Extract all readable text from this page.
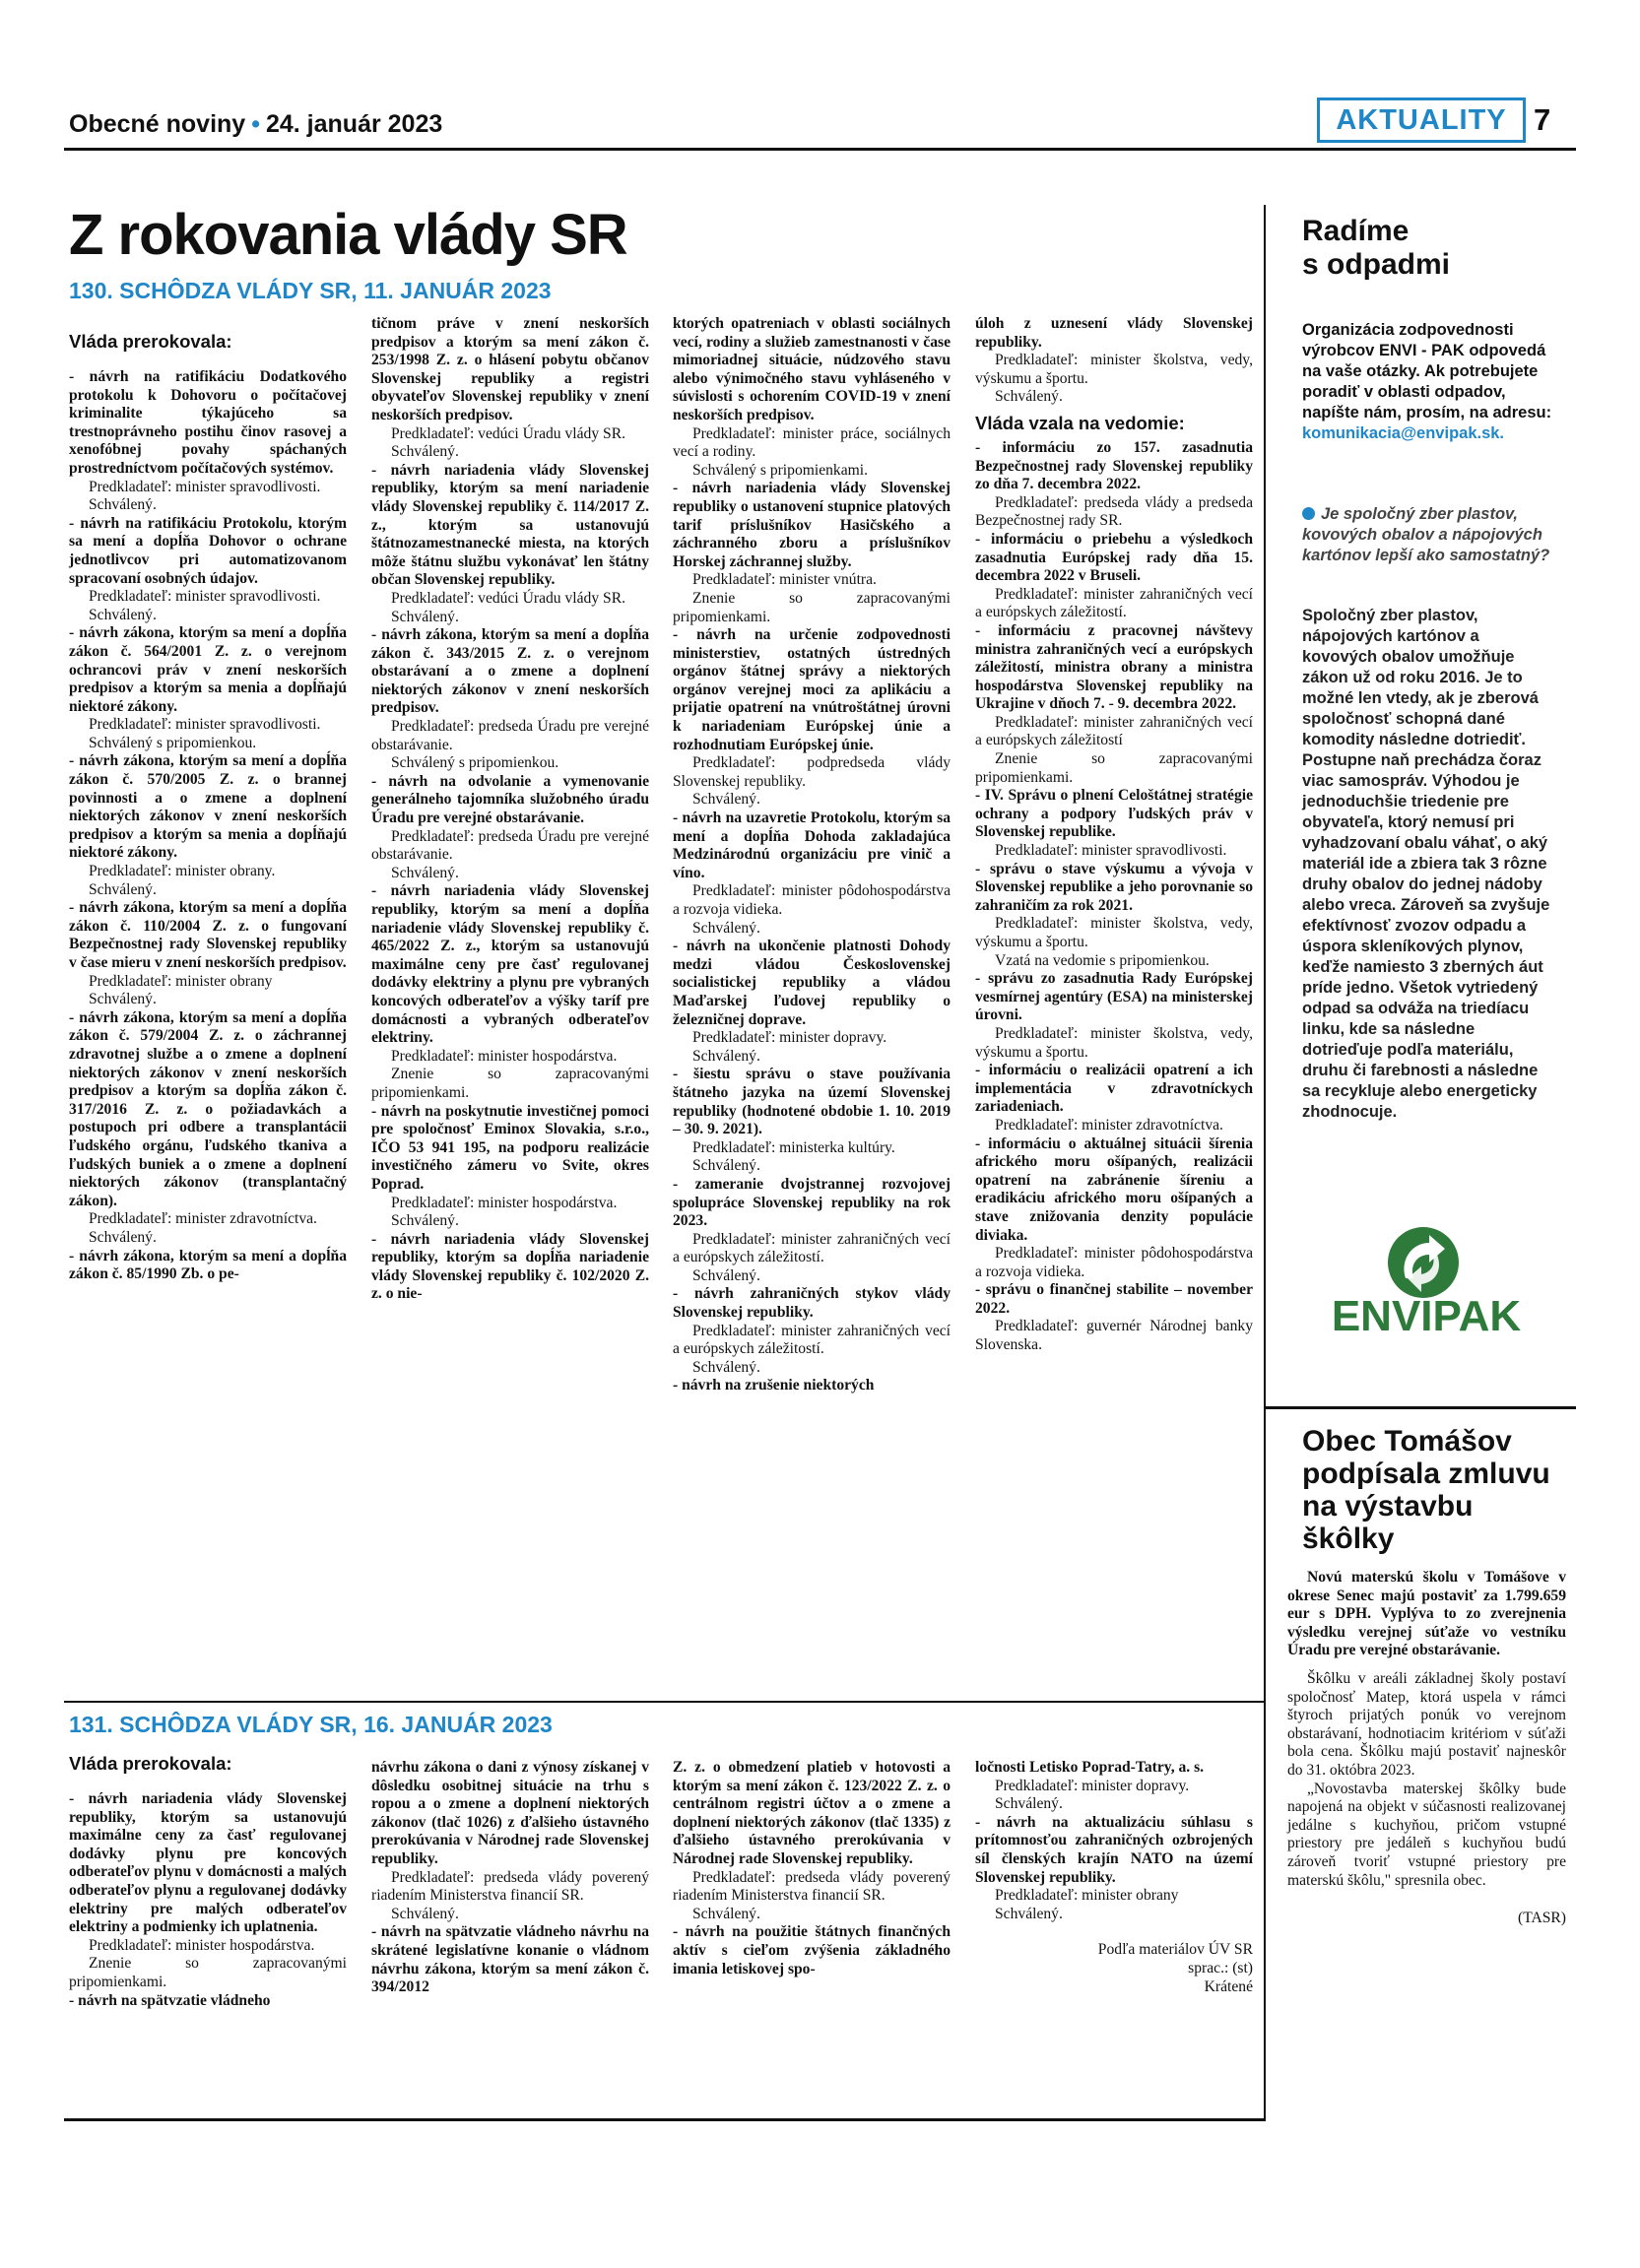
Obecné noviny • 24. január 2023	AKTUALITY 7
Z rokovania vlády SR
130. SCHÔDZA VLÁDY SR, 11. JANUÁR 2023

Vláda prerokovala:

- návrh na ratifikáciu Dodatkového protokolu k Dohovoru o počítačovej kriminalite týkajúceho sa trestnoprávneho postihu činov rasovej a xenofóbnej povahy spáchaných prostredníctvom počítačových systémov.

Predkladateľ: minister spravodlivosti.

Schválený.

- návrh na ratifikáciu Protokolu, ktorým sa mení a dopĺňa Dohovor o ochrane jednotlivcov pri automatizovanom spracovaní osobných údajov.

Predkladateľ: minister spravodlivosti.

Schválený.

- návrh zákona, ktorým sa mení a dopĺňa zákon č. 564/2001 Z. z. o verejnom ochrancovi práv v znení neskorších predpisov a ktorým sa menia a dopĺňajú niektoré zákony.

Predkladateľ: minister spravodlivosti.

Schválený s pripomienkou.

- návrh zákona, ktorým sa mení a dopĺňa zákon č. 570/2005 Z. z. o brannej povinnosti a o zmene a doplnení niektorých zákonov v znení neskorších predpisov a ktorým sa menia a dopĺňajú niektoré zákony.

Predkladateľ: minister obrany.

Schválený.

- návrh zákona, ktorým sa mení a dopĺňa zákon č. 110/2004 Z. z. o fungovaní Bezpečnostnej rady Slovenskej republiky v čase mieru v znení neskorších predpisov.

Predkladateľ: minister obrany

Schválený.

- návrh zákona, ktorým sa mení a dopĺňa zákon č. 579/2004 Z. z. o záchrannej zdravotnej službe a o zmene a doplnení niektorých zákonov v znení neskorších predpisov a ktorým sa dopĺňa zákon č. 317/2016 Z. z. o požiadavkách a postupoch pri odbere a transplantácii ľudského orgánu, ľudského tkaniva a ľudských buniek a o zmene a doplnení niektorých zákonov (transplantačný zákon).

Predkladateľ: minister zdravotníctva.

Schválený.

- návrh zákona, ktorým sa mení a dopĺňa zákon č. 85/1990 Zb. o pe-

tičnom práve v znení neskorších predpisov a ktorým sa mení zákon č. 253/1998 Z. z. o hlásení pobytu občanov Slovenskej republiky a registri obyvateľov Slovenskej republiky v znení neskorších predpisov.

Predkladateľ: vedúci Úradu vlády SR.

Schválený.

- návrh nariadenia vlády Slovenskej republiky, ktorým sa mení nariadenie vlády Slovenskej republiky č. 114/2017 Z. z., ktorým sa ustanovujú štátnozamestnanecké miesta, na ktorých môže štátnu službu vykonávať len štátny občan Slovenskej republiky.

Predkladateľ: vedúci Úradu vlády SR.

Schválený.

- návrh zákona, ktorým sa mení a dopĺňa zákon č. 343/2015 Z. z. o verejnom obstarávaní a o zmene a doplnení niektorých zákonov v znení neskorších predpisov.

Predkladateľ: predseda Úradu pre verejné obstarávanie.

Schválený s pripomienkou.

- návrh na odvolanie a vymenovanie generálneho tajomníka služobného úradu Úradu pre verejné obstarávanie.

Predkladateľ: predseda Úradu pre verejné obstarávanie.

Schválený.

- návrh nariadenia vlády Slovenskej republiky, ktorým sa mení a dopĺňa nariadenie vlády Slovenskej republiky č. 465/2022 Z. z., ktorým sa ustanovujú maximálne ceny pre časť regulovanej dodávky elektriny a plynu pre vybraných koncových odberateľov a výšky taríf pre domácnosti a vybraných odberateľov elektriny.

Predkladateľ: minister hospodárstva.

Znenie so zapracovanými pripomienkami.

- návrh na poskytnutie investičnej pomoci pre spoločnosť Eminox Slovakia, s.r.o., IČO 53 941 195, na podporu realizácie investičného zámeru vo Svite, okres Poprad.

Predkladateľ: minister hospodárstva.

Schválený.

- návrh nariadenia vlády Slovenskej republiky, ktorým sa dopĺňa nariadenie vlády Slovenskej republiky č. 102/2020 Z. z. o nie-

ktorých opatreniach v oblasti sociálnych vecí, rodiny a služieb zamestnanosti v čase mimoriadnej situácie, núdzového stavu alebo výnimočného stavu vyhláseného v súvislosti s ochorením COVID-19 v znení neskorších predpisov.

Predkladateľ: minister práce, sociálnych vecí a rodiny.

Schválený s pripomienkami.

- návrh nariadenia vlády Slovenskej republiky o ustanovení stupnice platových tarif príslušníkov Hasičského a záchranného zboru a príslušníkov Horskej záchrannej služby.

Predkladateľ: minister vnútra.

Znenie so zapracovanými pripomienkami.

- návrh na určenie zodpovednosti ministerstiev, ostatných ústredných orgánov štátnej správy a niektorých orgánov verejnej moci za aplikáciu a prijatie opatrení na vnútroštátnej úrovni k nariadeniam Európskej únie a rozhodnutiam Európskej únie.

Predkladateľ: podpredseda vlády Slovenskej republiky.

Schválený.

- návrh na uzavretie Protokolu, ktorým sa mení a dopĺňa Dohoda zakladajúca Medzinárodnú organizáciu pre vinič a víno.

Predkladateľ: minister pôdohospodárstva a rozvoja vidieka.

Schválený.

- návrh na ukončenie platnosti Dohody medzi vládou Československej socialistickej republiky a vládou Maďarskej ľudovej republiky o železničnej doprave.

Predkladateľ: minister dopravy.

Schválený.

- šiestu správu o stave používania štátneho jazyka na území Slovenskej republiky (hodnotené obdobie 1. 10. 2019 – 30. 9. 2021).

Predkladateľ: ministerka kultúry.

Schválený.

- zameranie dvojstrannej rozvojovej spolupráce Slovenskej republiky na rok 2023.

Predkladateľ: minister zahraničných vecí a európskych záležitostí.

Schválený.

- návrh zahraničných stykov vlády Slovenskej republiky.

Predkladateľ: minister zahraničných vecí a európskych záležitostí.

Schválený.

- návrh na zrušenie niektorých

úloh z uznesení vlády Slovenskej republiky.

Predkladateľ: minister školstva, vedy, výskumu a športu.

Schválený.

Vláda vzala na vedomie:

- informáciu zo 157. zasadnutia Bezpečnostnej rady Slovenskej republiky zo dňa 7. decembra 2022.

Predkladateľ: predseda vlády a predseda Bezpečnostnej rady SR.

- informáciu o priebehu a výsledkoch zasadnutia Európskej rady dňa 15. decembra 2022 v Bruseli.

Predkladateľ: minister zahraničných vecí a európskych záležitostí.

- informáciu z pracovnej návštevy ministra zahraničných vecí a európskych záležitostí, ministra obrany a ministra hospodárstva Slovenskej republiky na Ukrajine v dňoch 7. - 9. decembra 2022.

Predkladateľ: minister zahraničných vecí a európskych záležitostí

Znenie so zapracovanými pripomienkami.

- IV. Správu o plnení Celoštátnej stratégie ochrany a podpory ľudských práv v Slovenskej republike.

Predkladateľ: minister spravodlivosti.

- správu o stave výskumu a vývoja v Slovenskej republike a jeho porovnanie so zahraničím za rok 2021.

Predkladateľ: minister školstva, vedy, výskumu a športu.

Vzatá na vedomie s pripomienkou.

- správu zo zasadnutia Rady Európskej vesmírnej agentúry (ESA) na ministerskej úrovni.

Predkladateľ: minister školstva, vedy, výskumu a športu.

- informáciu o realizácii opatrení a ich implementácia v zdravotníckych zariadeniach.

Predkladateľ: minister zdravotníctva.

- informáciu o aktuálnej situácii šírenia afrického moru ošípaných, realizácii opatrení na zabránenie šíreniu a eradikáciu afrického moru ošípaných a stave znižovania denzity populácie diviaka.

Predkladateľ: minister pôdohospodárstva a rozvoja vidieka.

- správu o finančnej stabilite – november 2022.

Predkladateľ: guvernér Národnej banky Slovenska.

131. SCHÔDZA VLÁDY SR, 16. JANUÁR 2023

Vláda prerokovala:

- návrh nariadenia vlády Slovenskej republiky, ktorým sa ustanovujú maximálne ceny za časť regulovanej dodávky plynu pre koncových odberateľov plynu v domácnosti a malých odberateľov plynu a regulovanej dodávky elektriny pre malých odberateľov elektriny a podmienky ich uplatnenia.

Predkladateľ: minister hospodárstva.

Znenie so zapracovanými pripomienkami.

- návrh na spätvzatie vládneho

návrhu zákona o dani z výnosy získanej v dôsledku osobitnej situácie na trhu s ropou a o zmene a doplnení niektorých zákonov (tlač 1026) z ďalšieho ústavného prerokúvania v Národnej rade Slovenskej republiky.

Predkladateľ: predseda vlády poverený riadením Ministerstva financií SR.

Schválený.

- návrh na spätvzatie vládneho návrhu na skrátené legislatívne konanie o vládnom návrhu zákona, ktorým sa mení zákon č. 394/2012

Z. z. o obmedzení platieb v hotovosti a ktorým sa mení zákon č. 123/2022 Z. z. o centrálnom registri účtov a o zmene a doplnení niektorých zákonov (tlač 1335) z ďalšieho ústavného prerokúvania v Národnej rade Slovenskej republiky.

Predkladateľ: predseda vlády poverený riadením Ministerstva financií SR.

Schválený.

- návrh na použitie štátnych finančných aktív s cieľom zvýšenia základného imania letiskovej spo-

ločnosti Letisko Poprad-Tatry, a. s.

Predkladateľ: minister dopravy.

Schválený.

- návrh na aktualizáciu súhlasu s prítomnosťou zahraničných ozbrojených síl členských krajín NATO na území Slovenskej republiky.

Predkladateľ: minister obrany

Schválený.

Podľa materiálov ÚV SR

sprac.: (st)

Krátené

Radíme
s odpadmi
Organizácia zodpovednosti výrobcov ENVI - PAK odpovedá na vaše otázky. Ak potrebujete poradiť v oblasti odpadov, napíšte nám, prosím, na adresu: komunikacia@envipak.sk.
Je spoločný zber plastov, kovových obalov a nápojových kartónov lepší ako samostatný?
Spoločný zber plastov, nápojových kartónov a kovových obalov umožňuje zákon už od roku 2016. Je to možné len vtedy, ak je zberová spoločnosť schopná dané komodity následne dotriediť. Postupne naň prechádza čoraz viac samospráv. Výhodou je jednoduchšie triedenie pre obyvateľa, ktorý nemusí pri vyhadzovaní obalu váhať, o aký materiál ide a zbiera tak 3 rôzne druhy obalov do jednej nádoby alebo vreca. Zároveň sa zvyšuje efektívnosť zvozov odpadu a úspora skleníkových plynov, keďže namiesto 3 zberných áut príde jedno. Všetok vytriedený odpad sa odváža na triedíacu linku, kde sa následne dotrieďuje podľa materiálu, druhu či farebnosti a následne sa recykluje alebo energeticky zhodnocuje.
ENVIPAK
Obec Tomášov podpísala zmluvu na výstavbu škôlky

Novú materskú školu v Tomášove v okrese Senec majú postaviť za 1.799.659 eur s DPH. Vyplýva to zo zverejnenia výsledku verejnej súťaže vo vestníku Úradu pre verejné obstarávanie.

Škôlku v areáli základnej školy postaví spoločnosť Matep, ktorá uspela v rámci štyroch prijatých ponúk vo verejnom obstarávaní, hodnotiacim kritériom v súťaži bola cena. Škôlku majú postaviť najneskôr do 31. októbra 2023.

„Novostavba materskej škôlky bude napojená na objekt v súčasnosti realizovanej jedálne s kuchyňou, pričom vstupné priestory pre jedáleň s kuchyňou budú zároveň tvoriť vstupné priestory pre materskú škôlu," spresnila obec.

(TASR)
